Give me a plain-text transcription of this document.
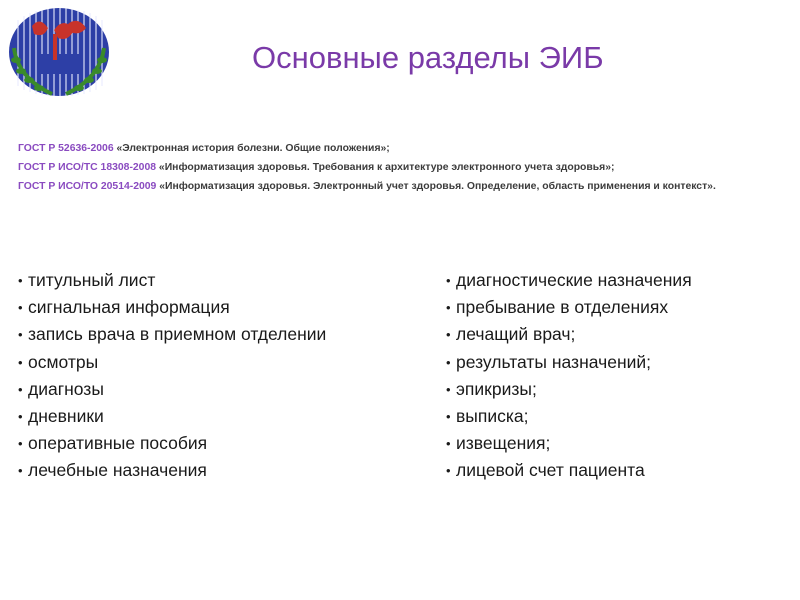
Основные разделы ЭИБ
ГОСТ Р 52636-2006 «Электронная история болезни. Общие положения»;
ГОСТ Р ИСО/ТС 18308-2008 «Информатизация здоровья. Требования к архитектуре электронного учета здоровья»;
ГОСТ Р ИСО/ТО 20514-2009 «Информатизация здоровья. Электронный учет здоровья. Определение, область применения и контекст».
• титульный лист
• сигнальная информация
• запись врача в приемном отделении
• осмотры
• диагнозы
• дневники
• оперативные пособия
• лечебные назначения
• диагностические назначения
• пребывание в отделениях
• лечащий врач;
• результаты назначений;
• эпикризы;
• выписка;
• извещения;
• лицевой счет пациента
